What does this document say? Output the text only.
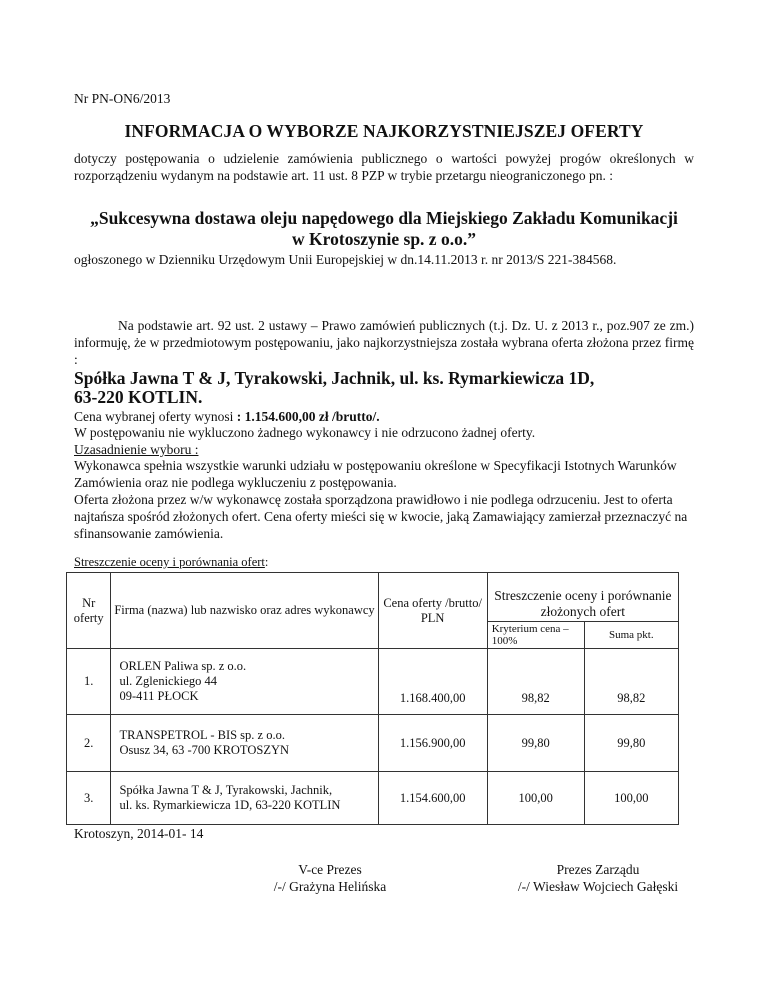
Nr PN-ON6/2013

INFORMACJA O WYBORZE NAJKORZYSTNIEJSZEJ OFERTY

dotyczy postępowania o udzielenie zamówienia publicznego o wartości powyżej progów określonych w rozporządzeniu wydanym na podstawie art. 11 ust. 8 PZP w trybie przetargu nieograniczonego pn. :

„Sukcesywna dostawa oleju napędowego dla Miejskiego Zakładu Komunikacji
w Krotoszynie sp. z o.o.”

ogłoszonego w Dzienniku Urzędowym Unii Europejskiej w dn.14.11.2013 r. nr 2013/S 221-384568.

Na podstawie art. 92 ust. 2 ustawy – Prawo zamówień publicznych (t.j. Dz. U. z 2013 r., poz.907 ze zm.) informuję, że w przedmiotowym postępowaniu, jako najkorzystniejsza została wybrana oferta złożona przez firmę :

Spółka Jawna T & J, Tyrakowski, Jachnik, ul. ks. Rymarkiewicza 1D,
63-220 KOTLIN.

Cena wybranej oferty wynosi : 1.154.600,00 zł /brutto/.

W postępowaniu nie wykluczono żadnego wykonawcy i nie odrzucono żadnej oferty.

Uzasadnienie wyboru :

Wykonawca spełnia wszystkie warunki udziału w postępowaniu określone w Specyfikacji Istotnych Warunków Zamówienia oraz nie podlega wykluczeniu z postępowania.

Oferta złożona przez w/w wykonawcę została sporządzona prawidłowo i nie podlega odrzuceniu. Jest to oferta najtańsza spośród złożonych ofert. Cena oferty mieści się w kwocie, jaką Zamawiający zamierzał przeznaczyć na sfinansowanie zamówienia.

Streszczenie oceny i porównania ofert:

Nr oferty	Firma (nazwa) lub nazwisko oraz adres wykonawcy	Cena oferty /brutto/ PLN	Streszczenie oceny i porównanie złożonych ofert	
			Kryterium cena – 100%	Suma pkt.
1.	ORLEN Paliwa sp. z o.o.
ul. Zglenickiego 44
09-411 PŁOCK	1.168.400,00	98,82	98,82
2.	TRANSPETROL - BIS sp. z o.o.
Osusz 34, 63 -700 KROTOSZYN	1.156.900,00	99,80	99,80
3.	Spółka Jawna T & J, Tyrakowski, Jachnik,
ul. ks. Rymarkiewicza 1D, 63-220 KOTLIN	1.154.600,00	100,00	100,00

Krotoszyn, 2014-01- 14

V-ce Prezes
/-/ Grażyna Helińska
Prezes Zarządu
/-/ Wiesław Wojciech Gałęski
